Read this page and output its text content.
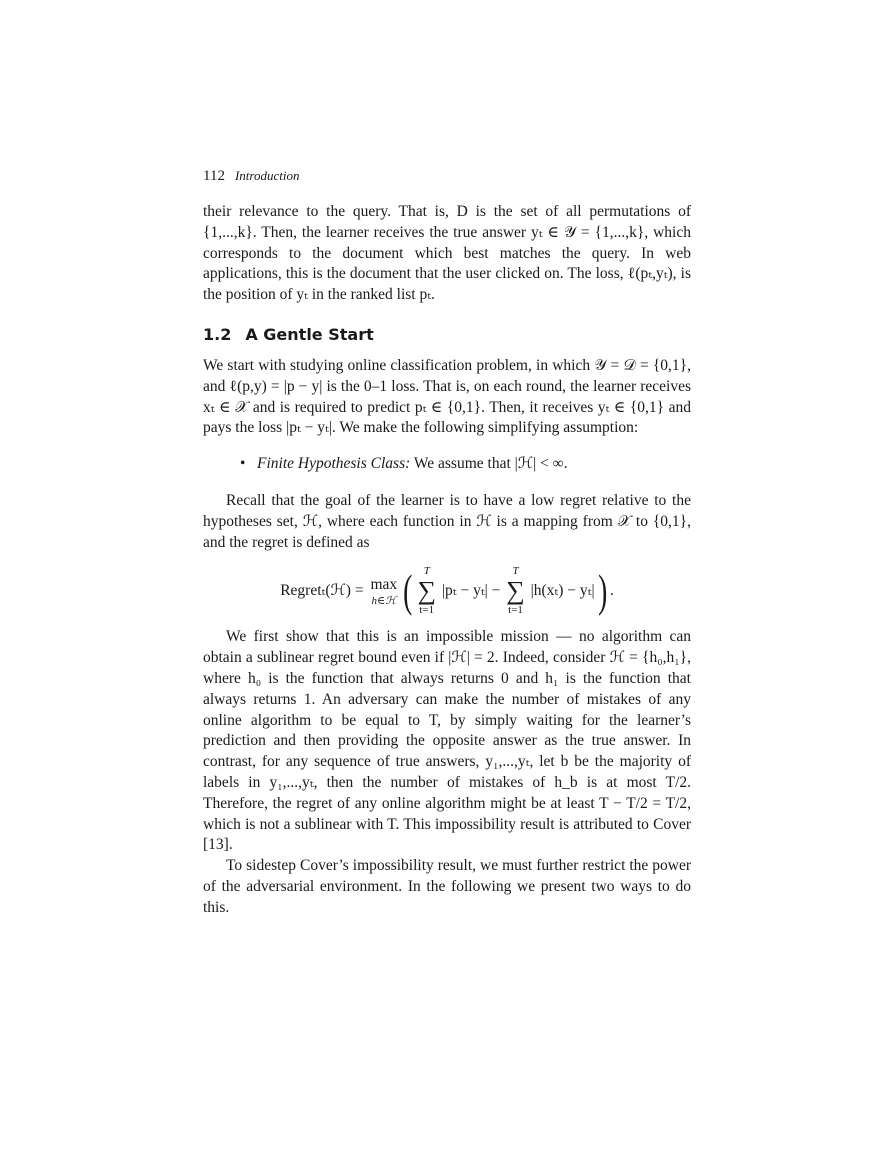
112 Introduction

their relevance to the query. That is, D is the set of all permutations of {1,...,k}. Then, the learner receives the true answer yₜ ∈ 𝒴 = {1,...,k}, which corresponds to the document which best matches the query. In web applications, this is the document that the user clicked on. The loss, ℓ(pₜ,yₜ), is the position of yₜ in the ranked list pₜ.

1.2 A Gentle Start

We start with studying online classification problem, in which 𝒴 = 𝒟 = {0,1}, and ℓ(p,y) = |p − y| is the 0–1 loss. That is, on each round, the learner receives xₜ ∈ 𝒳 and is required to predict pₜ ∈ {0,1}. Then, it receives yₜ ∈ {0,1} and pays the loss |pₜ − yₜ|. We make the following simplifying assumption:

• Finite Hypothesis Class: We assume that |ℋ| < ∞.

Recall that the goal of the learner is to have a low regret relative to the hypotheses set, ℋ, where each function in ℋ is a mapping from 𝒳 to {0,1}, and the regret is defined as

Regretₜ(ℋ) = max
h∈ℋ ( T
∑
t=1
|pₜ − yₜ| −
T
∑
t=1
|h(xₜ) − yₜ| ) .

We first show that this is an impossible mission — no algorithm can obtain a sublinear regret bound even if |ℋ| = 2. Indeed, consider ℋ = {h₀,h₁}, where h₀ is the function that always returns 0 and h₁ is the function that always returns 1. An adversary can make the number of mistakes of any online algorithm to be equal to T, by simply waiting for the learner’s prediction and then providing the opposite answer as the true answer. In contrast, for any sequence of true answers, y₁,...,yₜ, let b be the majority of labels in y₁,...,yₜ, then the number of mistakes of h_b is at most T/2. Therefore, the regret of any online algorithm might be at least T − T/2 = T/2, which is not a sublinear with T. This impossibility result is attributed to Cover [13].

To sidestep Cover’s impossibility result, we must further restrict the power of the adversarial environment. In the following we present two ways to do this.
